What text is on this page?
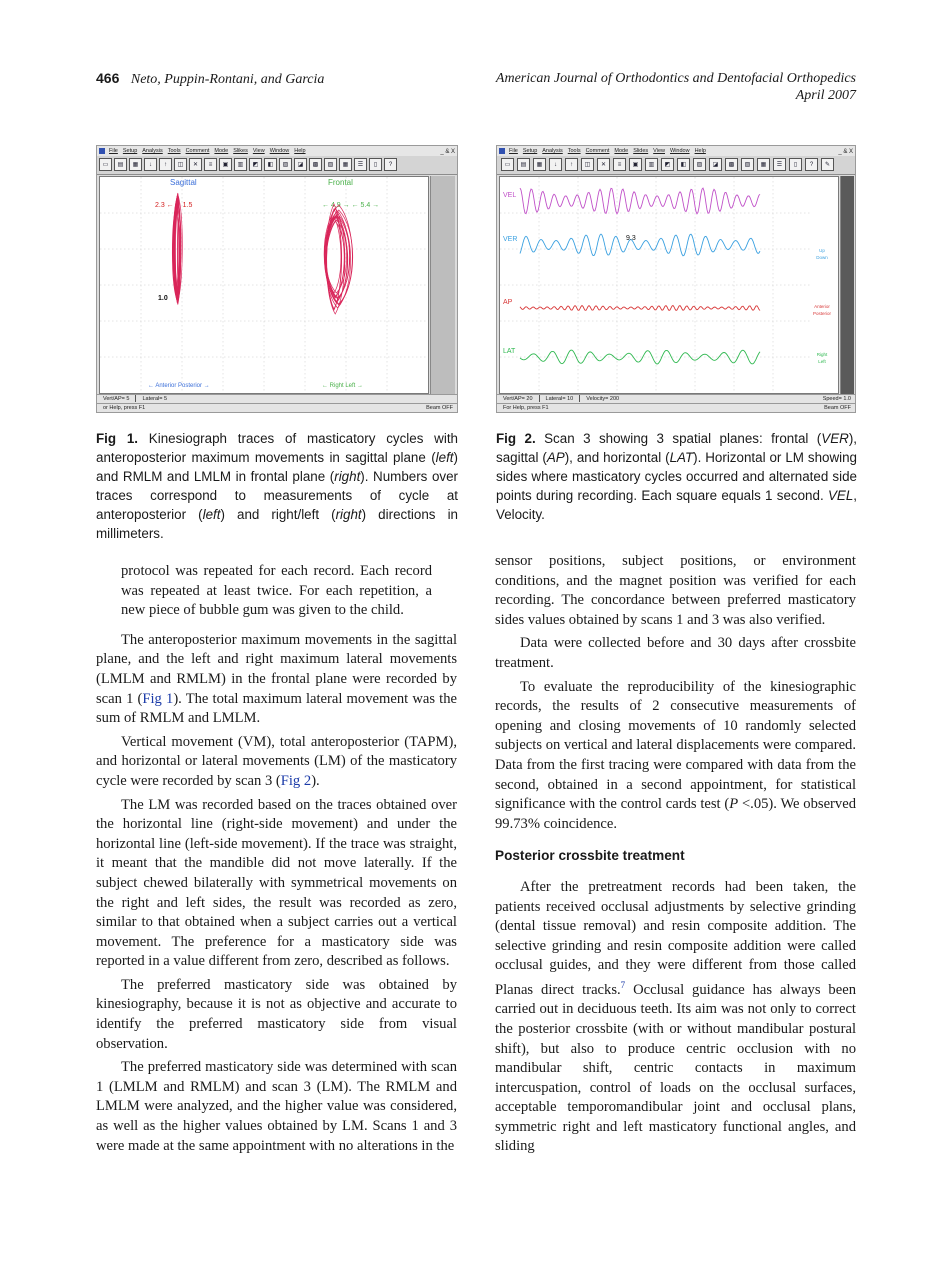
466 Neto, Puppin-Rontani, and Garcia	American Journal of Orthodontics and Dentofacial Orthopedics
April 2007
File Setup Analysis Tools Comment Mode Slikes View Window Help	_ & X
▭	▤	▦	↓	↑	◫	✕	≡	▣	▥	◩	◧	▨	◪	▩	▧	▦	☰	▯	?
Sagittal	Frontal
2.3 ←→ 1.5	← 4.9 → ← 5.4 →
1.0
← Anterior Posterior →	← Right Left →
Vert/AP= 5 Lateral= 5
or Help, press F1	Beam OFF
File Setup Analysis Tools Comment Mode Slides View Window Help	_ & X
▭	▤	▦	↓	↑	◫	✕	≡	▣	▥	◩	◧	▨	◪	▩	▧	▦	☰	▯	?	✎
VEL
VER
AP
LAT
9.3
Up
Down
Anterior
Posterior
Right
Left
Vert/AP= 20 Lateral= 10 Velocity= 200	Speed= 1.0
For Help, press F1	Beam OFF
Fig 1. Kinesiograph traces of masticatory cycles with anteroposterior maximum movements in sagittal plane (left) and RMLM and LMLM in frontal plane (right). Numbers over traces correspond to measurements of cycle at anteroposterior (left) and right/left (right) directions in millimeters.
Fig 2. Scan 3 showing 3 spatial planes: frontal (VER), sagittal (AP), and horizontal (LAT). Horizontal or LM showing sides where masticatory cycles occurred and alternated side points during recording. Each square equals 1 second. VEL, Velocity.

protocol was repeated for each record. Each record was repeated at least twice. For each repetition, a new piece of bubble gum was given to the child.

The anteroposterior maximum movements in the sagittal plane, and the left and right maximum lateral movements (LMLM and RMLM) in the frontal plane were recorded by scan 1 (Fig 1). The total maximum lateral movement was the sum of RMLM and LMLM.

Vertical movement (VM), total anteroposterior (TAPM), and horizontal or lateral movements (LM) of the masticatory cycle were recorded by scan 3 (Fig 2).

The LM was recorded based on the traces obtained over the horizontal line (right-side movement) and under the horizontal line (left-side movement). If the trace was straight, it meant that the mandible did not move laterally. If the subject chewed bilaterally with symmetrical movements on the right and left sides, the result was recorded as zero, similar to that obtained when a subject carries out a vertical movement. The preference for a masticatory side was reported in a value different from zero, described as follows.

The preferred masticatory side was obtained by kinesiography, because it is not as objective and accurate to identify the preferred masticatory side from visual observation.

The preferred masticatory side was determined with scan 1 (LMLM and RMLM) and scan 3 (LM). The RMLM and LMLM were analyzed, and the higher value was considered, as well as the higher values obtained by LM. Scans 1 and 3 were made at the same appointment with no alterations in the

sensor positions, subject positions, or environment conditions, and the magnet position was verified for each recording. The concordance between preferred masticatory sides values obtained by scans 1 and 3 was also verified.

Data were collected before and 30 days after crossbite treatment.

To evaluate the reproducibility of the kinesiographic records, the results of 2 consecutive measurements of opening and closing movements of 10 randomly selected subjects on vertical and lateral displacements were compared. Data from the first tracing were compared with data from the second, obtained in a second appointment, for statistical significance with the control cards test (P <.05). We observed 99.73% coincidence.

Posterior crossbite treatment

After the pretreatment records had been taken, the patients received occlusal adjustments by selective grinding (dental tissue removal) and resin composite addition. The selective grinding and resin composite addition were called occlusal guides, and they were different from those called Planas direct tracks.$^7$ Occlusal guidance has always been carried out in deciduous teeth. Its aim was not only to correct the posterior crossbite (with or without mandibular postural shift), but also to produce centric occlusion with no mandibular shift, centric contacts in maximum intercuspation, control of loads on the occlusal surfaces, acceptable temporomandibular joint and occlusal plans, symmetric right and left masticatory functional angles, and sliding
